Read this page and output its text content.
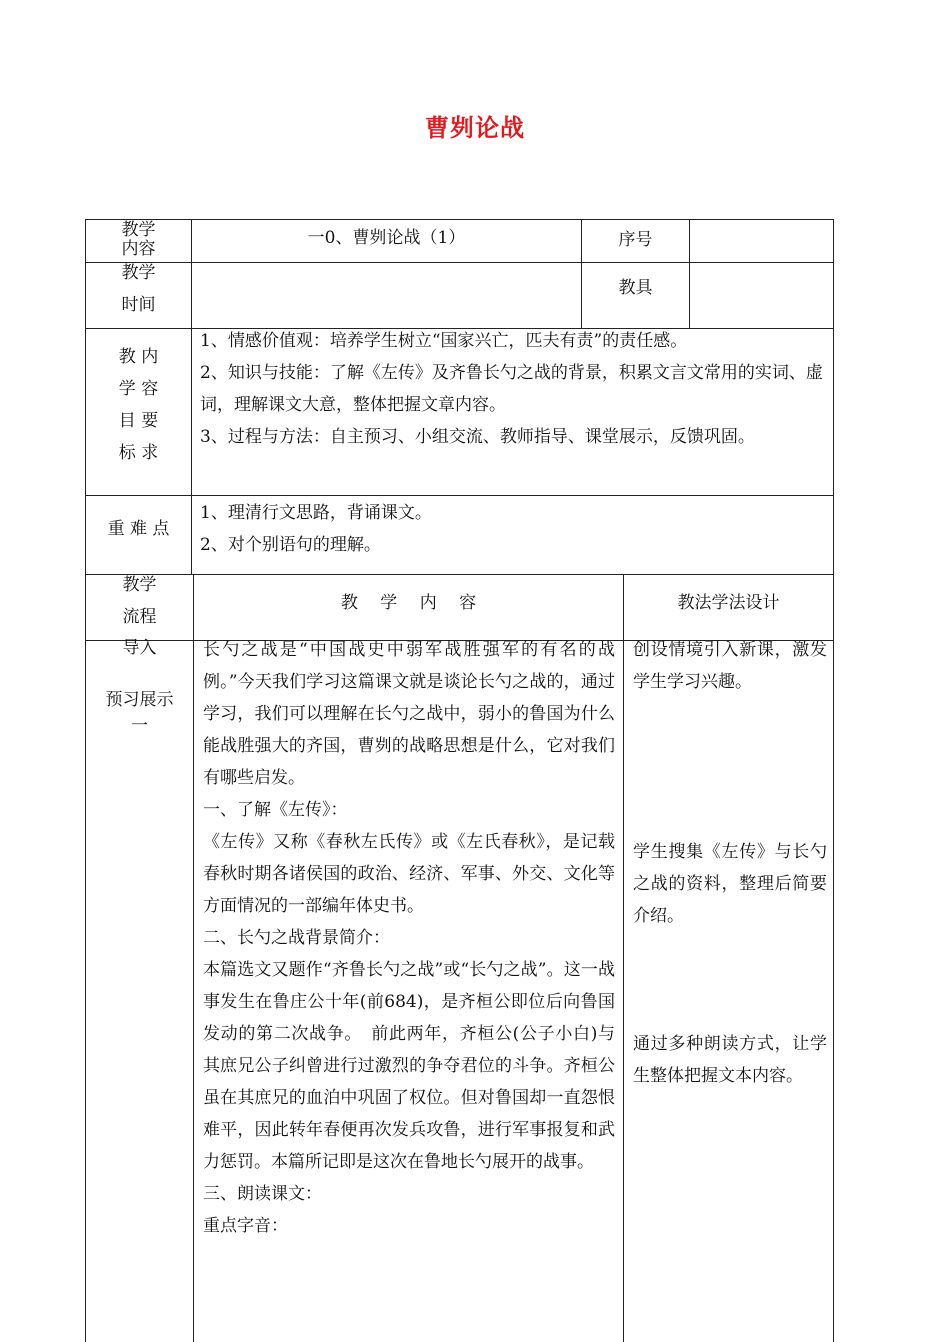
曹刿论战
教学
内容
一0、曹刿论战（1）	序号
教学
时间
教具
教 内
学 容
目 要
标 求

1、情感价值观：培养学生树立“国家兴亡，匹夫有责”的责任感。

2、知识与技能：了解《左传》及齐鲁长勺之战的背景，积累文言文常用的实词、虚词，理解课文大意，整体把握文章内容。

3、过程与方法：自主预习、小组交流、教师指导、课堂展示，反馈巩固。

重 难 点

1、理清行文思路，背诵课文。

2、对个别语句的理解。

教学
流程
教　 学　 内　 容	教法学法设计
导入
预习展示
一

长勺之战是“中国战史中弱军战胜强军的有名的战例。”今天我们学习这篇课文就是谈论长勺之战的，通过学习，我们可以理解在长勺之战中，弱小的鲁国为什么能战胜强大的齐国，曹刿的战略思想是什么，它对我们有哪些启发。

一、了解《左传》：

《左传》又称《春秋左氏传》或《左氏春秋》，是记载春秋时期各诸侯国的政治、经济、军事、外交、文化等方面情况的一部编年体史书。

二、长勺之战背景简介：

本篇选文又题作“齐鲁长勺之战”或“长勺之战”。这一战事发生在鲁庄公十年(前684)，是齐桓公即位后向鲁国发动的第二次战争。　前此两年，齐桓公(公子小白)与其庶兄公子纠曾进行过激烈的争夺君位的斗争。齐桓公虽在其庶兄的血泊中巩固了权位。但对鲁国却一直怨恨难平，因此转年春便再次发兵攻鲁，进行军事报复和武力惩罚。本篇所记即是这次在鲁地长勺展开的战事。

三、朗读课文：

重点字音：

创设情境引入新课，激发学生学习兴趣。

学生搜集《左传》与长勺之战的资料，整理后简要介绍。

通过多种朗读方式，让学生整体把握文本内容。
